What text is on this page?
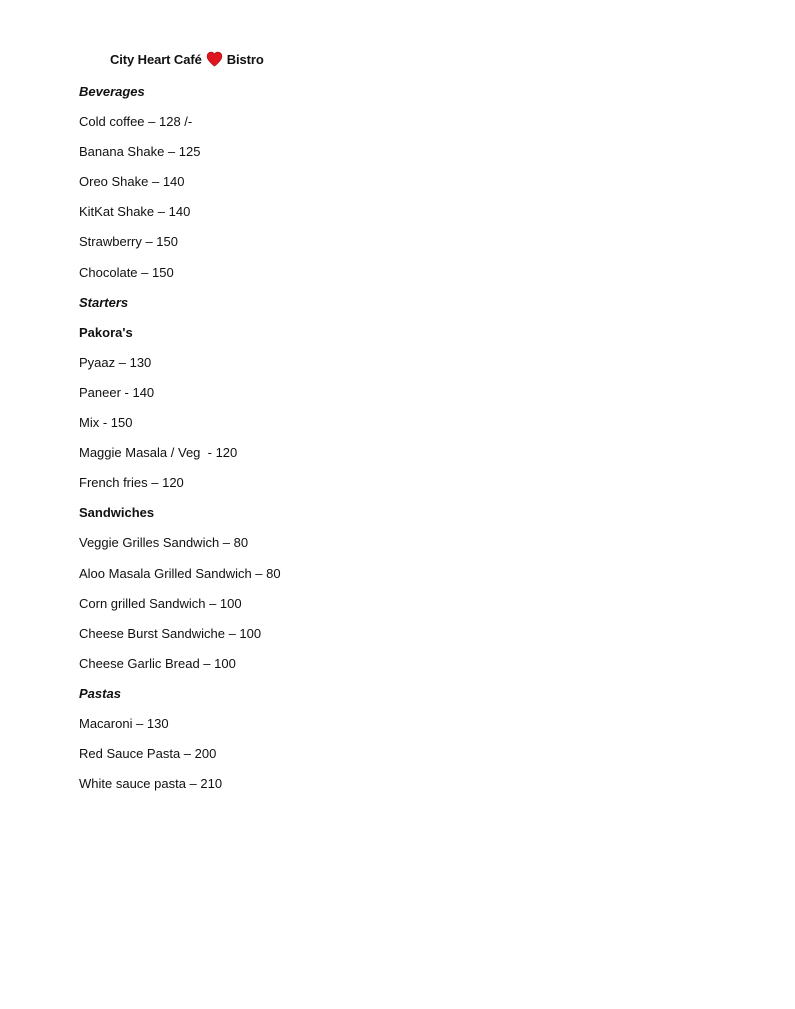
City Heart Café Bistro
Beverages
Cold coffee – 128 /-
Banana Shake – 125
Oreo Shake – 140
KitKat Shake – 140
Strawberry – 150
Chocolate – 150
Starters
Pakora's
Pyaaz – 130
Paneer - 140
Mix - 150
Maggie Masala / Veg  - 120
French fries – 120
Sandwiches
Veggie Grilles Sandwich – 80
Aloo Masala Grilled Sandwich – 80
Corn grilled Sandwich – 100
Cheese Burst Sandwiche – 100
Cheese Garlic Bread – 100
Pastas
Macaroni – 130
Red Sauce Pasta – 200
White sauce pasta – 210
